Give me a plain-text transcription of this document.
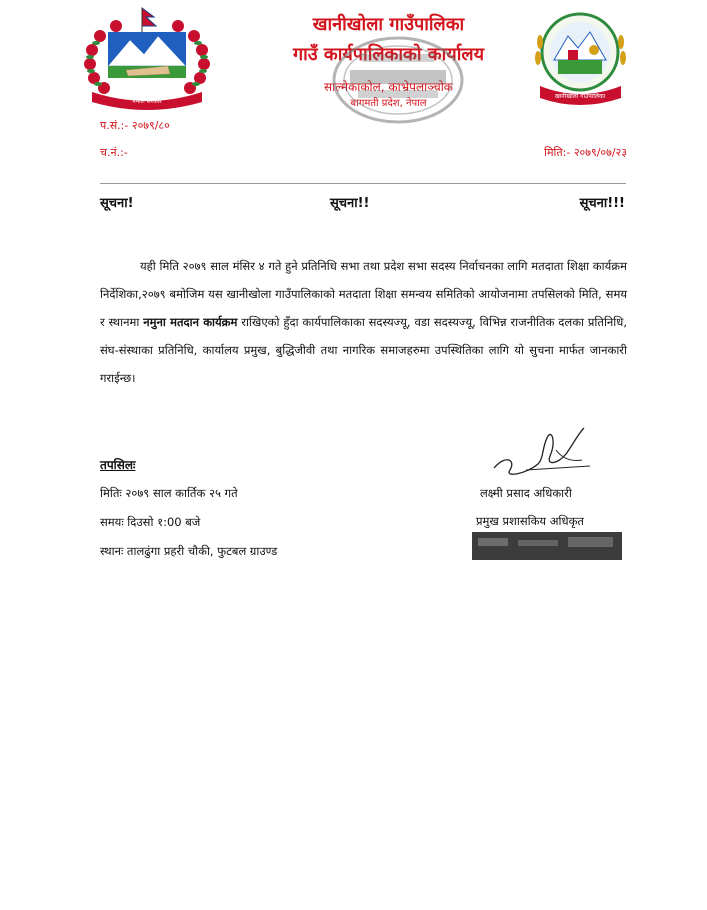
नेपाल सरकार
खानीखोला गाउँपालिका
खानीखोला गाउँपालिका
गाउँ कार्यपालिकाको कार्यालय
साल्मेकाकोल, काभ्रेपलाञ्चोक
बागमती प्रदेश, नेपाल
प.सं.:- २०७९/८०
च.नं.:-	मिति:- २०७९/०७/२३
सूचना!	सूचना!!	सूचना!!!
यही मिति २०७९ साल मंसिर ४ गते हुने प्रतिनिधि सभा तथा प्रदेश सभा सदस्य निर्वाचनका लागि मतदाता शिक्षा कार्यक्रम निर्देशिका,२०७९ बमोजिम यस खानीखोला गाउँपालिकाको मतदाता शिक्षा समन्वय समितिको आयोजनामा तपसिलको मिति, समय र स्थानमा नमुना मतदान कार्यक्रम राखिएको हुँदा कार्यपालिकाका सदस्यज्यू, वडा सदस्यज्यू, विभिन्न राजनीतिक दलका प्रतिनिधि, संघ-संस्थाका प्रतिनिधि, कार्यालय प्रमुख, बुद्धिजीवी तथा नागरिक समाजहरुमा उपस्थितिका लागि यो सुचना मार्फत जानकारी गराईन्छ।
तपसिलः
मितिः २०७९ साल कार्तिक २५ गते
समयः दिउसो १:00 बजे
स्थानः तालढुंगा प्रहरी चौकी, फुटबल ग्राउण्ड
लक्ष्मी प्रसाद अधिकारी
प्रमुख प्रशासकिय अधिकृत
